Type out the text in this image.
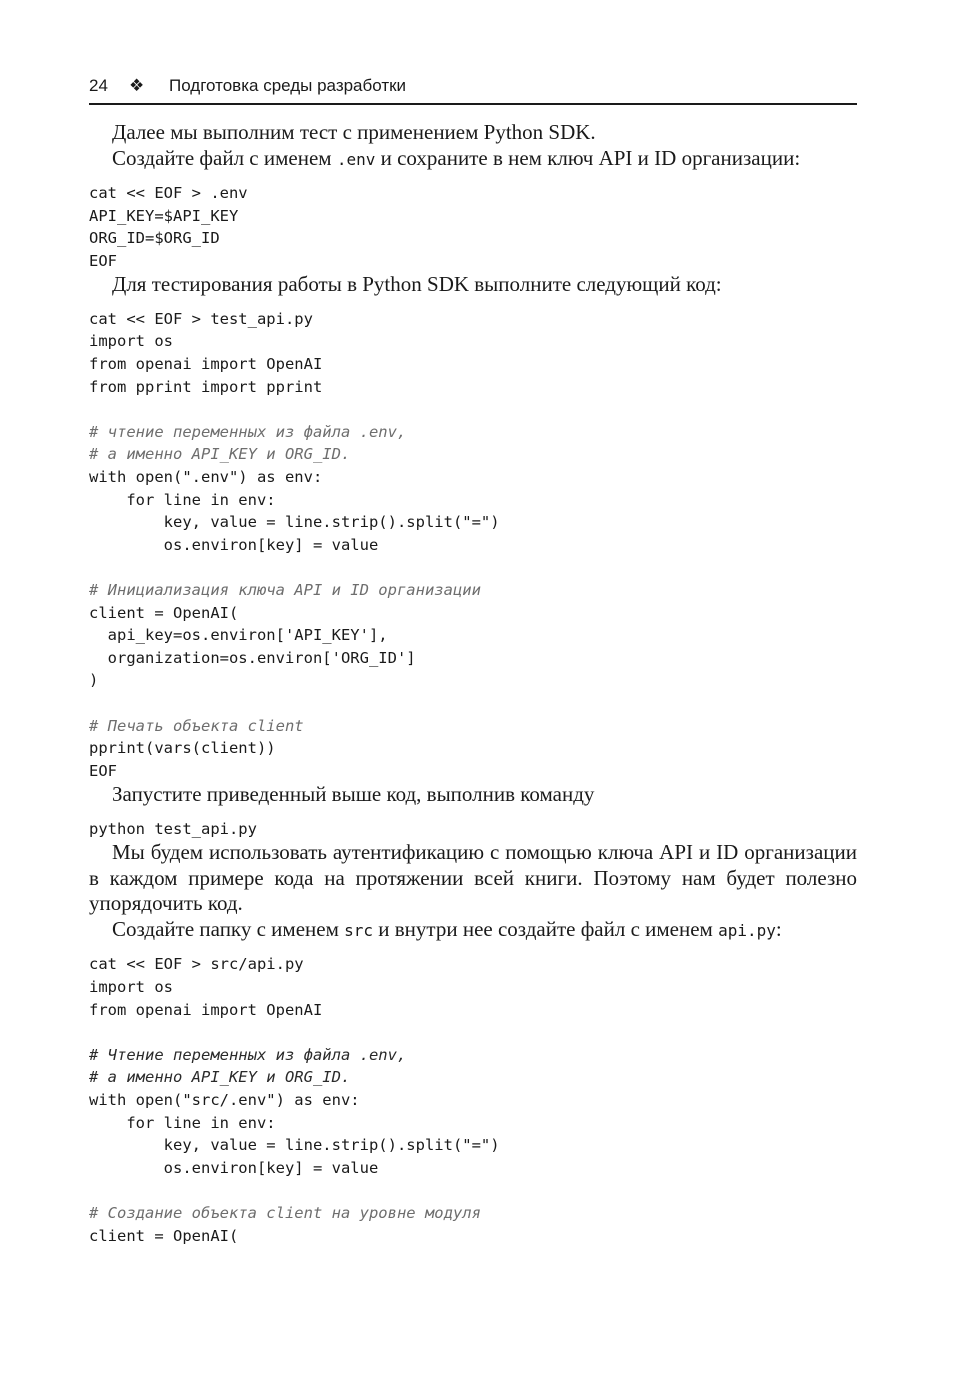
24	❖	Подготовка среды разработки

Далее мы выполним тест с применением Python SDK.

Создайте файл с именем .env и сохраните в нем ключ API и ID организации:

cat << EOF > .env
API_KEY=$API_KEY
ORG_ID=$ORG_ID
EOF

Для тестирования работы в Python SDK выполните следующий код:

cat << EOF > test_api.py
import os
from openai import OpenAI
from pprint import pprint

# чтение переменных из файла .env,
# а именно API_KEY и ORG_ID.
with open(".env") as env:
for line in env:
key, value = line.strip().split("=")
os.environ[key] = value

# Инициализация ключа API и ID организации
client = OpenAI(
api_key=os.environ['API_KEY'],
organization=os.environ['ORG_ID']
)

# Печать объекта client
pprint(vars(client))
EOF

Запустите приведенный выше код, выполнив команду

python test_api.py

Мы будем использовать аутентификацию с помощью ключа API и ID организации в каждом примере кода на протяжении всей книги. Поэтому нам будет полезно упорядочить код.

Создайте папку с именем src и внутри нее создайте файл с именем api.py:

cat << EOF > src/api.py
import os
from openai import OpenAI

# Чтение переменных из файла .env,
# а именно API_KEY и ORG_ID.
with open("src/.env") as env:
for line in env:
key, value = line.strip().split("=")
os.environ[key] = value

# Создание объекта client на уровне модуля
client = OpenAI(
